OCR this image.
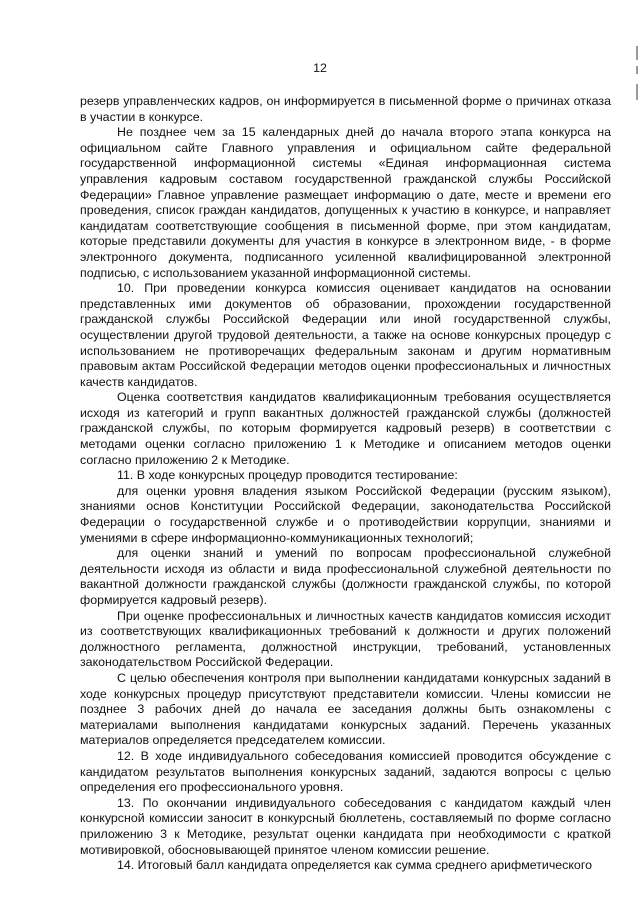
12

резерв управленческих кадров, он информируется в письменной форме о причинах отказа в участии в конкурсе.

Не позднее чем за 15 календарных дней до начала второго этапа конкурса на официальном сайте Главного управления и официальном сайте федеральной государственной информационной системы «Единая информационная система управления кадровым составом государственной гражданской службы Российской Федерации» Главное управление размещает информацию о дате, месте и времени его проведения, список граждан кандидатов, допущенных к участию в конкурсе, и направляет кандидатам соответствующие сообщения в письменной форме, при этом кандидатам, которые представили документы для участия в конкурсе в электронном виде, - в форме электронного документа, подписанного усиленной квалифицированной электронной подписью, с использованием указанной информационной системы.

10. При проведении конкурса комиссия оценивает кандидатов на основании представленных ими документов об образовании, прохождении государственной гражданской службы Российской Федерации или иной государственной службы, осуществлении другой трудовой деятельности, а также на основе конкурсных процедур с использованием не противоречащих федеральным законам и другим нормативным правовым актам Российской Федерации методов оценки профессиональных и личностных качеств кандидатов.

Оценка соответствия кандидатов квалификационным требования осуществляется исходя из категорий и групп вакантных должностей гражданской службы (должностей гражданской службы, по которым формируется кадровый резерв) в соответствии с методами оценки согласно приложению 1 к Методике и описанием методов оценки согласно приложению 2 к Методике.

11. В ходе конкурсных процедур проводится тестирование:

для оценки уровня владения языком Российской Федерации (русским языком), знаниями основ Конституции Российской Федерации, законодательства Российской Федерации о государственной службе и о противодействии коррупции, знаниями и умениями в сфере информационно-коммуникационных технологий;

для оценки знаний и умений по вопросам профессиональной служебной деятельности исходя из области и вида профессиональной служебной деятельности по вакантной должности гражданской службы (должности гражданской службы, по которой формируется кадровый резерв).

При оценке профессиональных и личностных качеств кандидатов комиссия исходит из соответствующих квалификационных требований к должности и других положений должностного регламента, должностной инструкции, требований, установленных законодательством Российской Федерации.

С целью обеспечения контроля при выполнении кандидатами конкурсных заданий в ходе конкурсных процедур присутствуют представители комиссии. Члены комиссии не позднее 3 рабочих дней до начала ее заседания должны быть ознакомлены с материалами выполнения кандидатами конкурсных заданий. Перечень указанных материалов определяется председателем комиссии.

12. В ходе индивидуального собеседования комиссией проводится обсуждение с кандидатом результатов выполнения конкурсных заданий, задаются вопросы с целью определения его профессионального уровня.

13. По окончании индивидуального собеседования с кандидатом каждый член конкурсной комиссии заносит в конкурсный бюллетень, составляемый по форме согласно приложению 3 к Методике, результат оценки кандидата при необходимости с краткой мотивировкой, обосновывающей принятое членом комиссии решение.

14. Итоговый балл кандидата определяется как сумма среднего арифметического
